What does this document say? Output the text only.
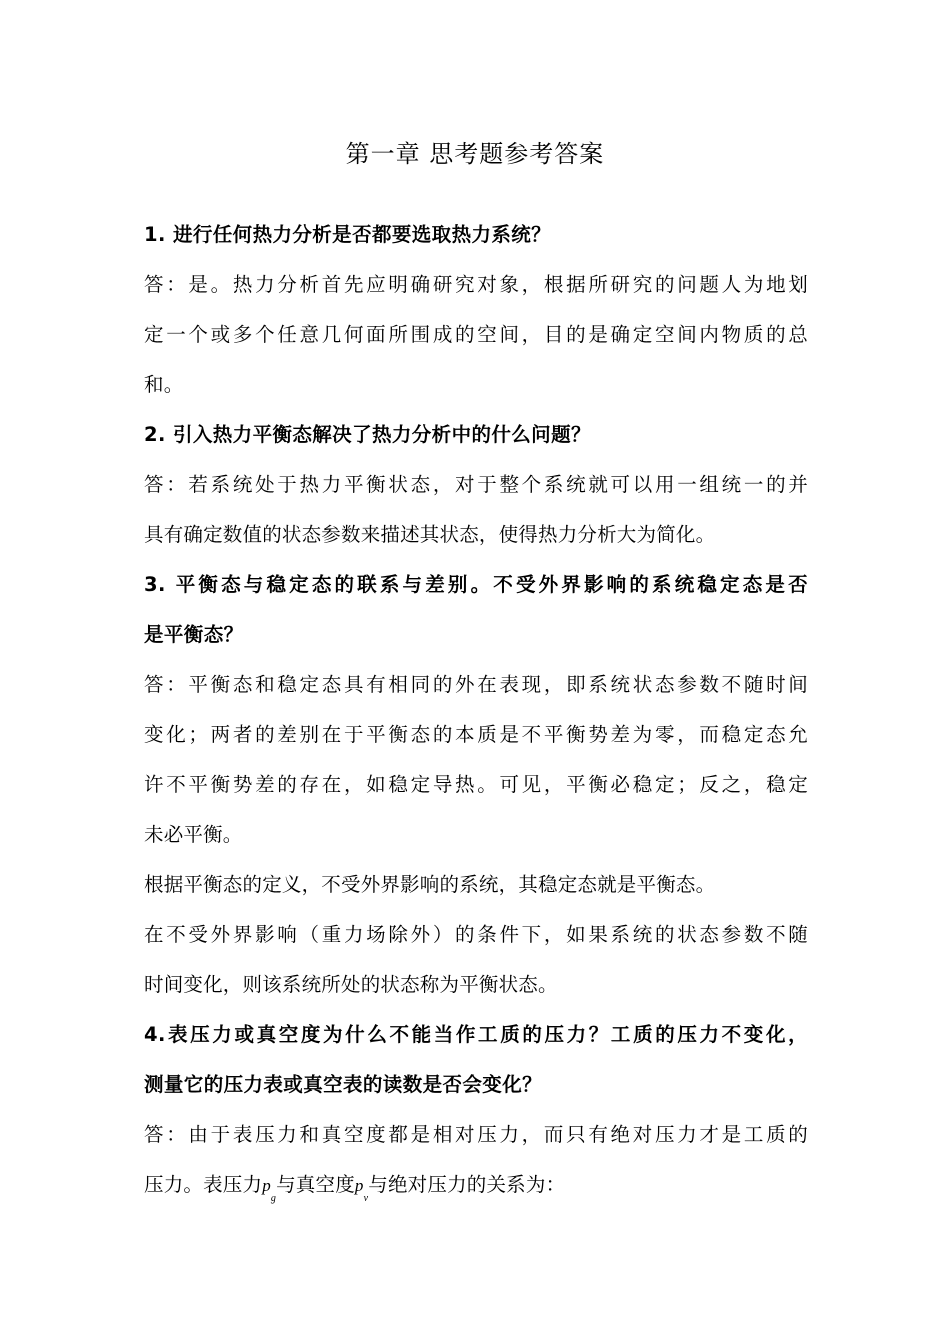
第一章 思考题参考答案
1. 进行任何热力分析是否都要选取热力系统？
答：是。热力分析首先应明确研究对象，根据所研究的问题人为地划
定一个或多个任意几何面所围成的空间，目的是确定空间内物质的总
和。
2. 引入热力平衡态解决了热力分析中的什么问题？
答：若系统处于热力平衡状态，对于整个系统就可以用一组统一的并
具有确定数值的状态参数来描述其状态，使得热力分析大为简化。
3. 平衡态与稳定态的联系与差别。不受外界影响的系统稳定态是否
是平衡态？
答：平衡态和稳定态具有相同的外在表现，即系统状态参数不随时间
变化；两者的差别在于平衡态的本质是不平衡势差为零，而稳定态允
许不平衡势差的存在，如稳定导热。可见，平衡必稳定；反之，稳定
未必平衡。
根据平衡态的定义，不受外界影响的系统，其稳定态就是平衡态。
在不受外界影响（重力场除外）的条件下，如果系统的状态参数不随
时间变化，则该系统所处的状态称为平衡状态。
4.表压力或真空度为什么不能当作工质的压力？工质的压力不变化，
测量它的压力表或真空表的读数是否会变化？
答：由于表压力和真空度都是相对压力，而只有绝对压力才是工质的
压力。表压力$p_g$与真空度$p_v$与绝对压力的关系为：
